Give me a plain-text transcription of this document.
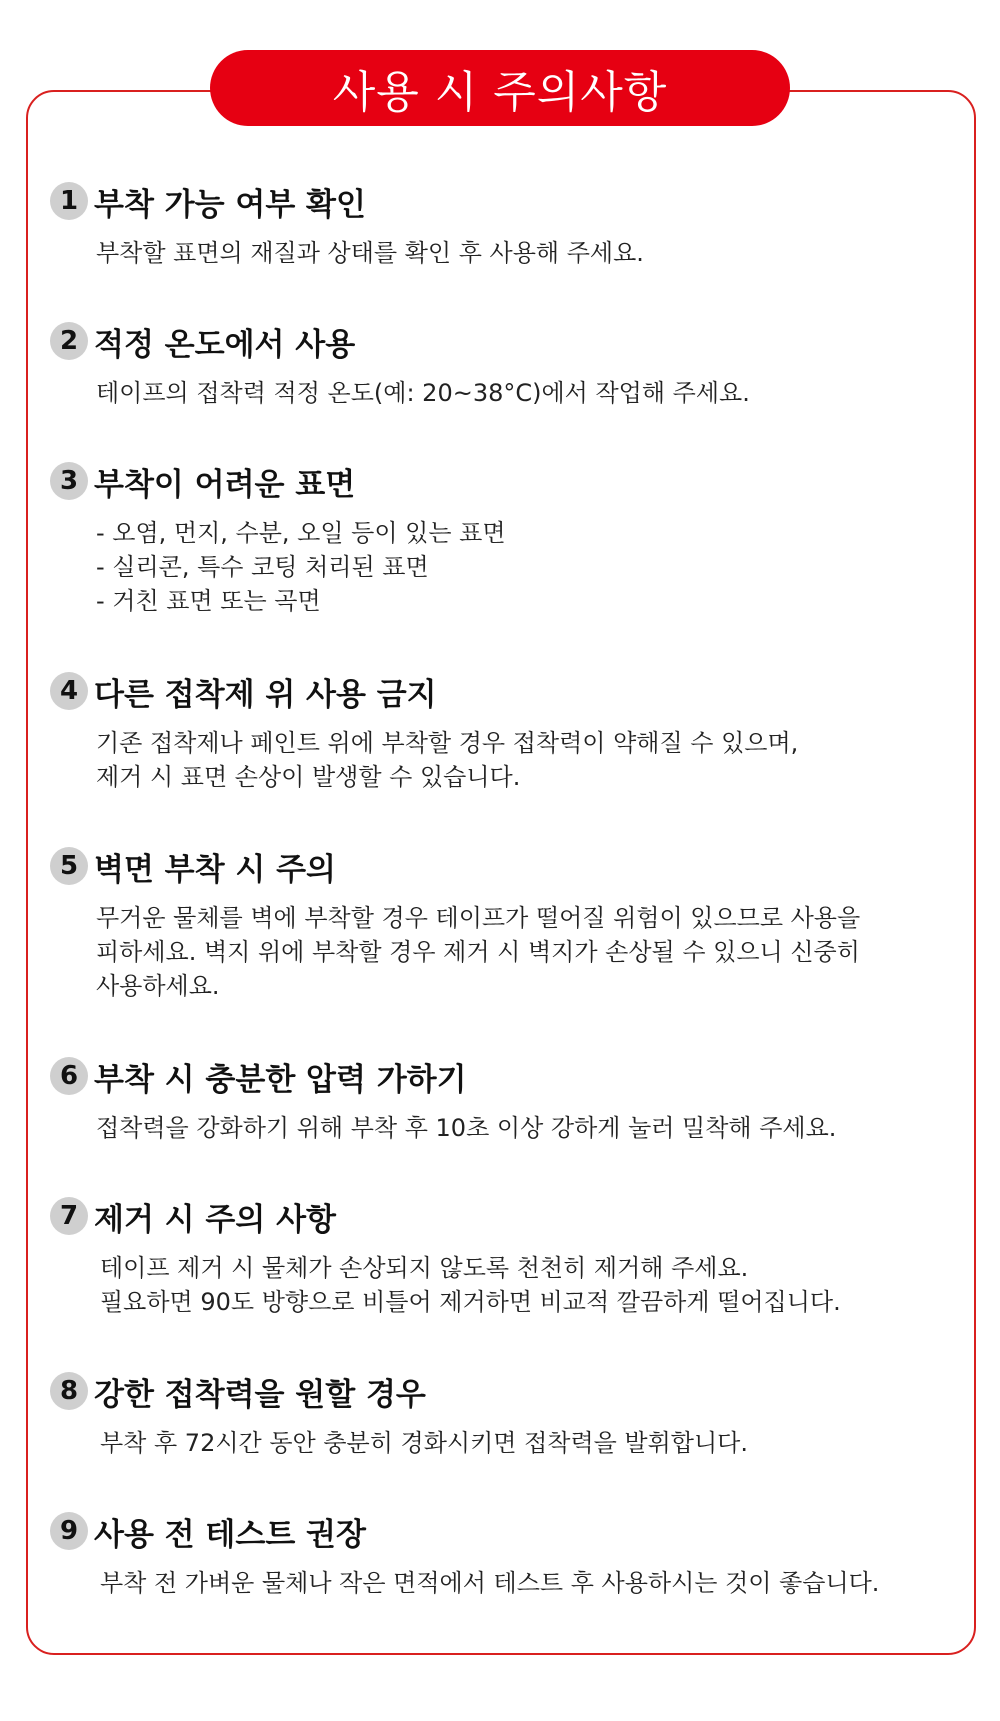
사용 시 주의사항
1 부착 가능 여부 확인
부착할 표면의 재질과 상태를 확인 후 사용해 주세요.
2 적정 온도에서 사용
테이프의 접착력 적정 온도(예: 20~38°C)에서 작업해 주세요.
3 부착이 어려운 표면
- 오염, 먼지, 수분, 오일 등이 있는 표면
- 실리콘, 특수 코팅 처리된 표면
- 거친 표면 또는 곡면
4 다른 접착제 위 사용 금지
기존 접착제나 페인트 위에 부착할 경우 접착력이 약해질 수 있으며,
제거 시 표면 손상이 발생할 수 있습니다.
5 벽면 부착 시 주의
무거운 물체를 벽에 부착할 경우 테이프가 떨어질 위험이 있으므로 사용을
피하세요. 벽지 위에 부착할 경우 제거 시 벽지가 손상될 수 있으니 신중히
사용하세요.
6 부착 시 충분한 압력 가하기
접착력을 강화하기 위해 부착 후 10초 이상 강하게 눌러 밀착해 주세요.
7 제거 시 주의 사항
테이프 제거 시 물체가 손상되지 않도록 천천히 제거해 주세요.
필요하면 90도 방향으로 비틀어 제거하면 비교적 깔끔하게 떨어집니다.
8 강한 접착력을 원할 경우
부착 후 72시간 동안 충분히 경화시키면 접착력을 발휘합니다.
9 사용 전 테스트 권장
부착 전 가벼운 물체나 작은 면적에서 테스트 후 사용하시는 것이 좋습니다.
